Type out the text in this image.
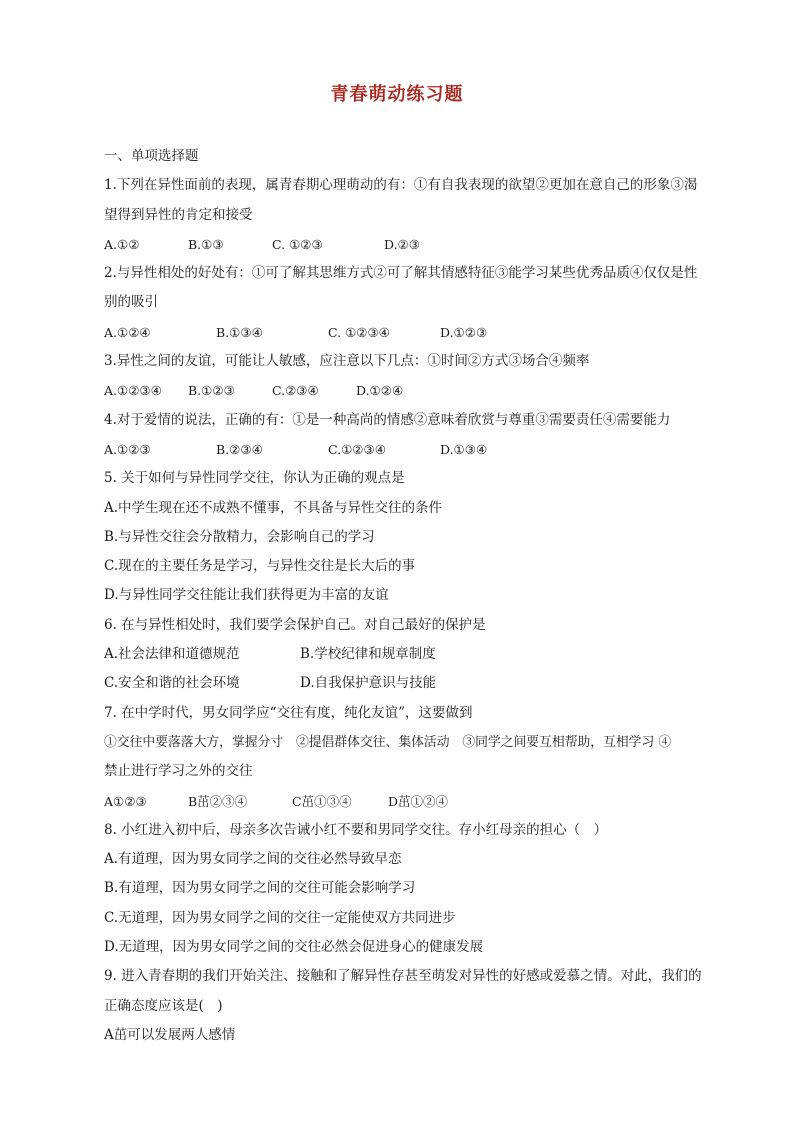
青春萌动练习题
一、单项选择题
1.下列在异性面前的表现，属青春期心理萌动的有：①有自我表现的欲望②更加在意自己的形象③渴
望得到异性的肯定和接受
A.①②	B.①③	C. ①②③	D.②③
2.与异性相处的好处有：①可了解其思维方式②可了解其情感特征③能学习某些优秀品质④仅仅是性
别的吸引
A.①②④	B.①③④	C. ①②③④	D.①②③
3.异性之间的友谊，可能让人敏感，应注意以下几点：①时间②方式③场合④频率
A.①②③④ B.①②③	C.②③④	D.①②④
4.对于爱情的说法，正确的有：①是一种高尚的情感②意味着欣赏与尊重③需要责任④需要能力
A.①②③	B.②③④	C.①②③④	D.①③④
5. 关于如何与异性同学交往，你认为正确的观点是
A.中学生现在还不成熟不懂事，不具备与异性交往的条件
B.与异性交往会分散精力，会影响自己的学习
C.现在的主要任务是学习，与异性交往是长大后的事
D.与异性同学交往能让我们获得更为丰富的友谊
6. 在与异性相处时，我们要学会保护自己。对自己最好的保护是
A.社会法律和道德规范	B.学校纪律和规章制度
C.安全和谐的社会环境	D.自我保护意识与技能
7. 在中学时代，男女同学应“交往有度，纯化友谊”，这要做到
①交往中要落落大方，掌握分寸　②提倡群体交往、集体活动　③同学之间要互相帮助，互相学习 ④
禁止进行学习之外的交往
A①②③	B茁②③④	C茁①③④	D茁①②④
8. 小红进入初中后，母亲多次告诫小红不要和男同学交往。存小红母亲的担心（　）
A.有道理，因为男女同学之间的交往必然导致早恋
B.有道理，因为男女同学之间的交往可能会影响学习
C.无道理，因为男女同学之间的交往一定能使双方共同进步
D.无道理，因为男女同学之间的交往必然会促进身心的健康发展
9. 进入青春期的我们开始关注、接触和了解异性存甚至萌发对异性的好感或爱慕之情。对此，我们的
正确态度应该是(　)
A茁可以发展两人感情
